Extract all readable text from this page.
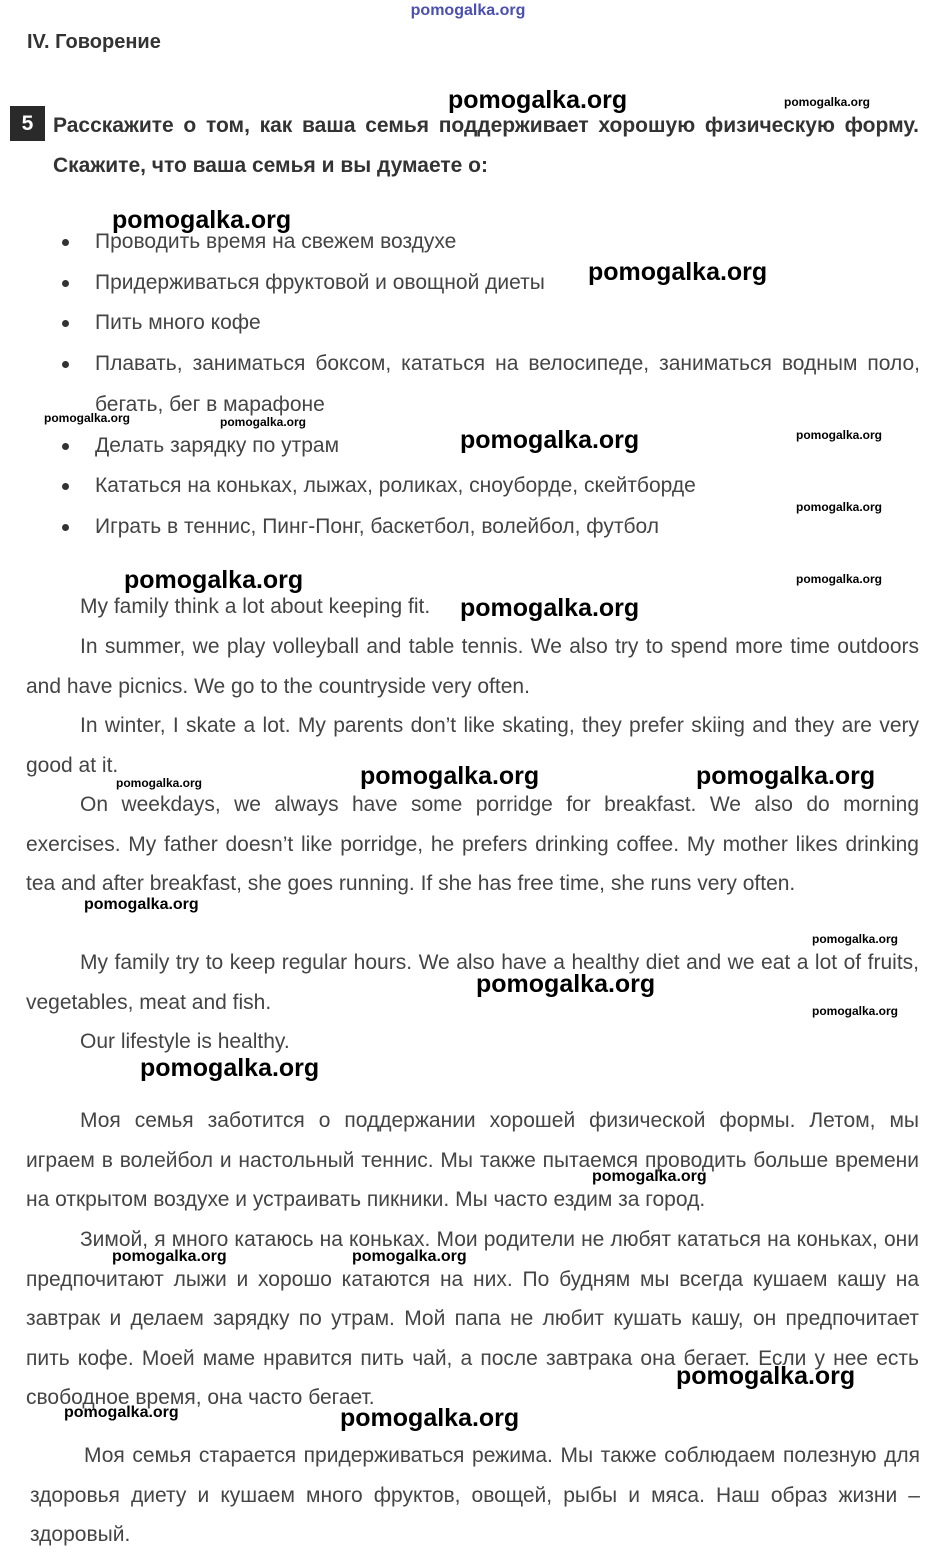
pomogalka.org
IV. Говорение
5 Расскажите о том, как ваша семья поддерживает хорошую физическую форму. Скажите, что ваша семья и вы думаете о:
Проводить время на свежем воздухе
Придерживаться фруктовой и овощной диеты
Пить много кофе
Плавать, заниматься боксом, кататься на велосипеде, заниматься водным поло, бегать, бег в марафоне
Делать зарядку по утрам
Кататься на коньках, лыжах, роликах, сноуборде, скейтборде
Играть в теннис, Пинг-Понг, баскетбол, волейбол, футбол

My family think a lot about keeping fit.

In summer, we play volleyball and table tennis. We also try to spend more time outdoors and have picnics. We go to the countryside very often.

In winter, I skate a lot. My parents don’t like skating, they prefer skiing and they are very good at it.

On weekdays, we always have some porridge for breakfast. We also do morning exercises. My father doesn’t like porridge, he prefers drinking coffee. My mother likes drinking tea and after breakfast, she goes running. If she has free time, she runs very often.

My family try to keep regular hours. We also have a healthy diet and we eat a lot of fruits, vegetables, meat and fish.

Our lifestyle is healthy.

Моя семья заботится о поддержании хорошей физической формы. Летом, мы играем в волейбол и настольный теннис. Мы также пытаемся проводить больше времени на открытом воздухе и устраивать пикники. Мы часто ездим за город.

Зимой, я много катаюсь на коньках. Мои родители не любят кататься на коньках, они предпочитают лыжи и хорошо катаются на них. По будням мы всегда кушаем кашу на завтрак и делаем зарядку по утрам. Мой папа не любит кушать кашу, он предпочитает пить кофе. Моей маме нравится пить чай, а после завтрака она бегает. Если у нее есть свободное время, она часто бегает.

Моя семья старается придерживаться режима. Мы также соблюдаем полезную для здоровья диету и кушаем много фруктов, овощей, рыбы и мяса. Наш образ жизни – здоровый.

pomogalka.org	pomogalka.org
pomogalka.org
pomogalka.org
pomogalka.org	pomogalka.org
pomogalka.org	pomogalka.org
pomogalka.org
pomogalka.org	pomogalka.org
pomogalka.org
pomogalka.org	pomogalka.org
pomogalka.org
pomogalka.org
pomogalka.org
pomogalka.org
pomogalka.org
pomogalka.org
pomogalka.org
pomogalka.org	pomogalka.org
pomogalka.org
pomogalka.org	pomogalka.org
